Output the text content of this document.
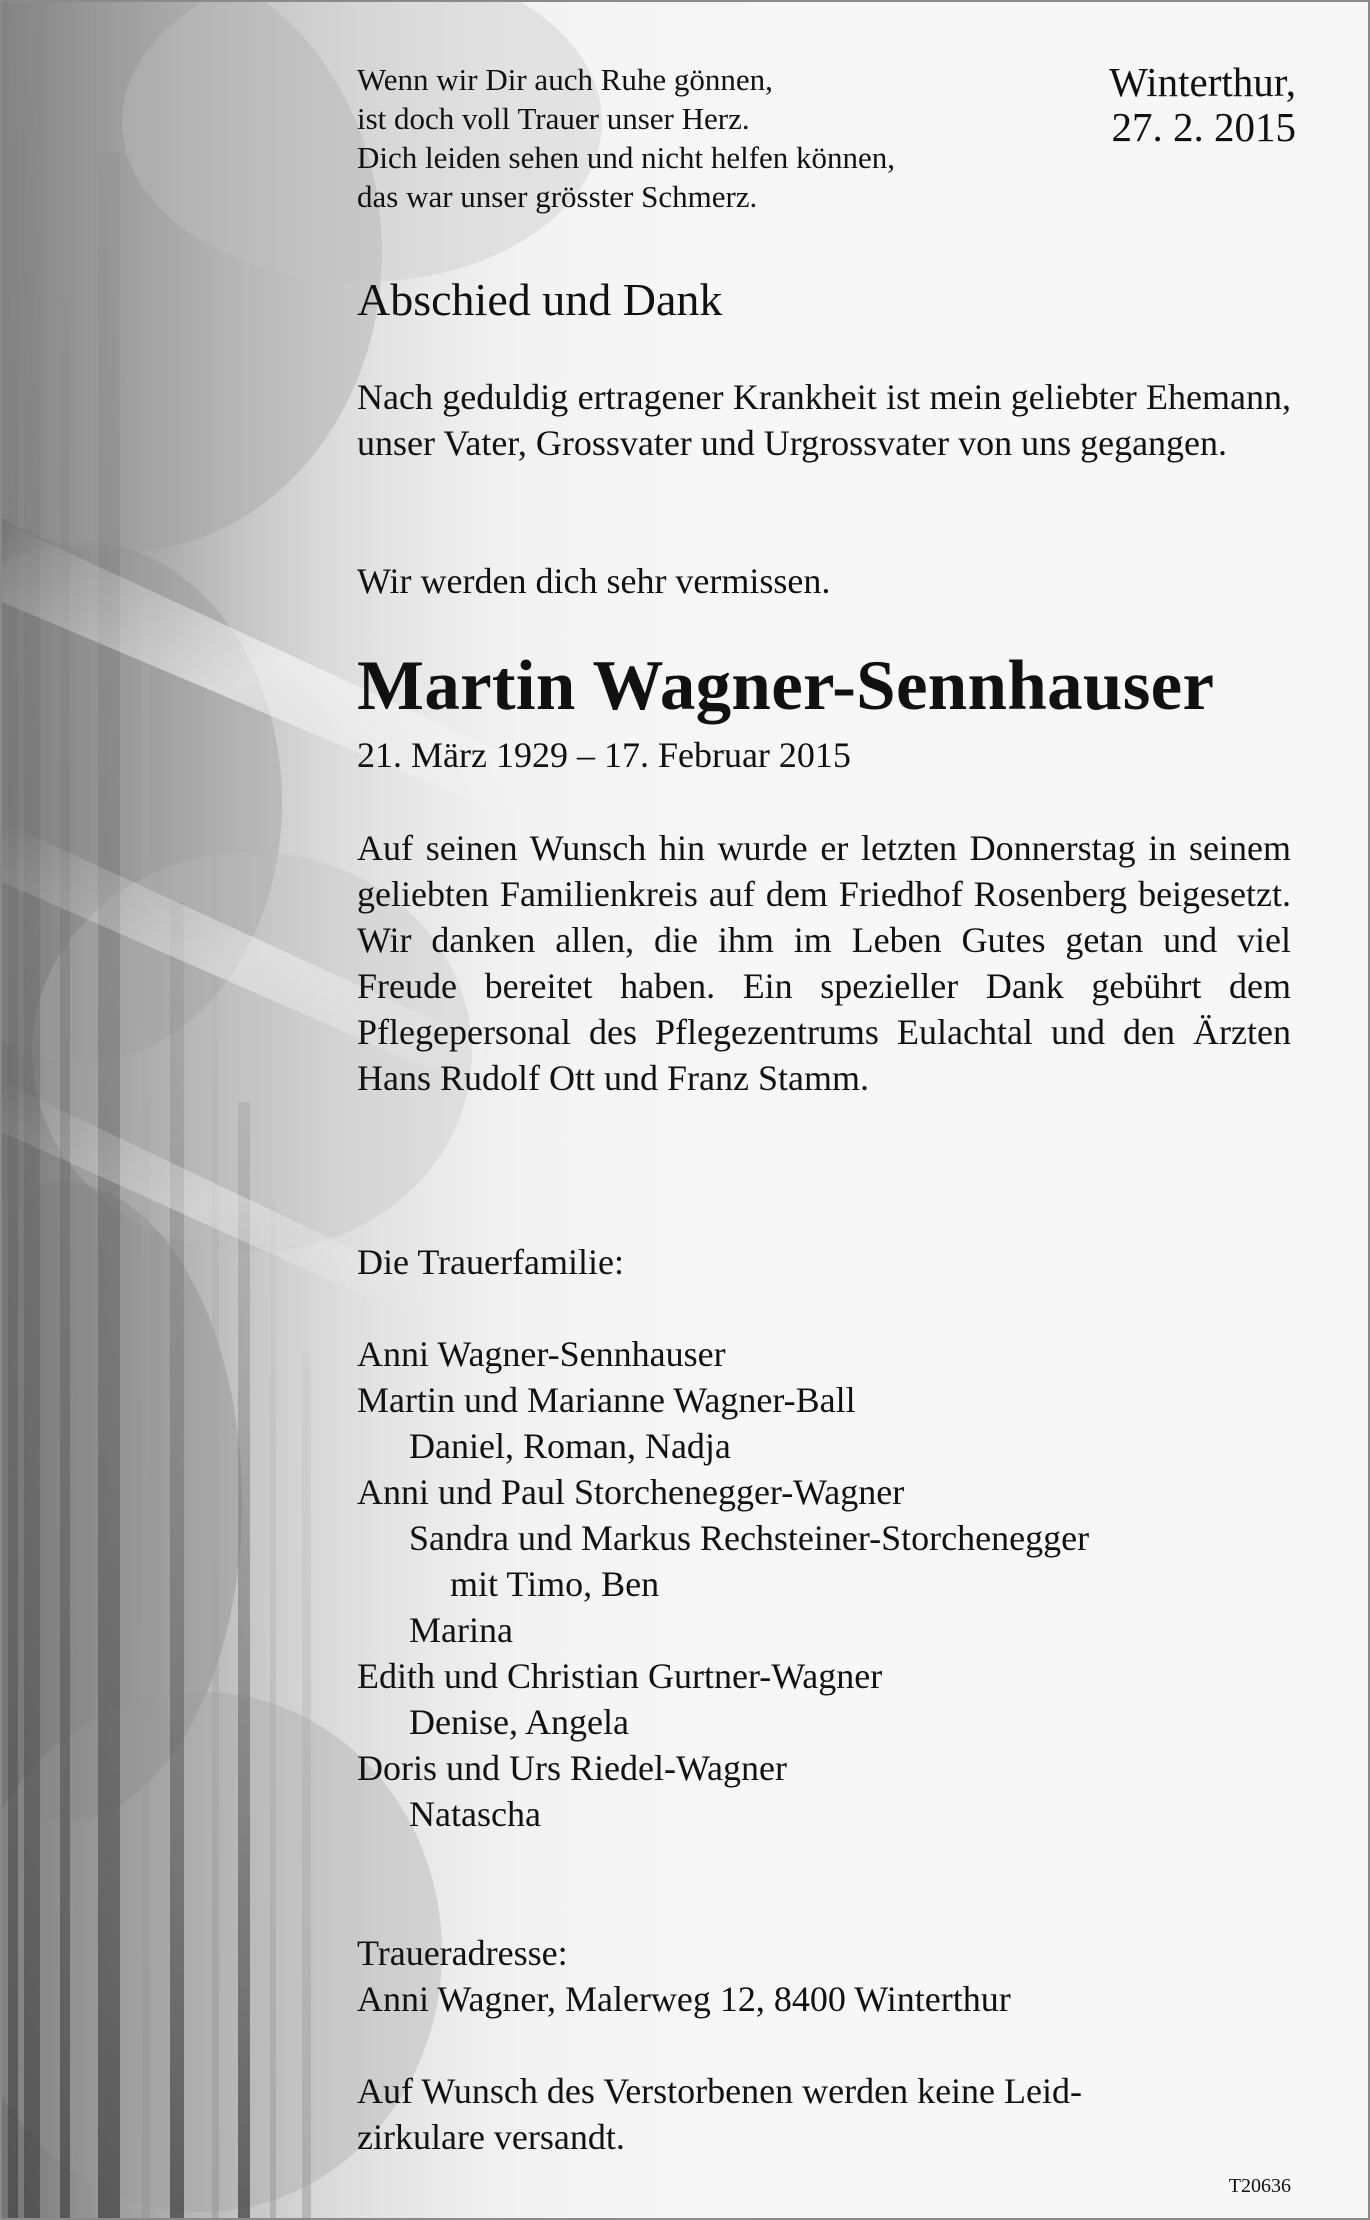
Wenn wir Dir auch Ruhe gönnen,
ist doch voll Trauer unser Herz.
Dich leiden sehen und nicht helfen können,
das war unser grösster Schmerz.
Winterthur,
27. 2. 2015
Abschied und Dank
Nach geduldig ertragener Krankheit ist mein geliebter Ehemann, unser Vater, Grossvater und Urgrossvater von uns gegangen.
Wir werden dich sehr vermissen.
Martin Wagner-Sennhauser
21. März 1929 – 17. Februar 2015
Auf seinen Wunsch hin wurde er letzten Donnerstag in seinem geliebten Familienkreis auf dem Friedhof Rosenberg beigesetzt. Wir danken allen, die ihm im Leben Gutes getan und viel Freude bereitet haben. Ein spezieller Dank gebührt dem Pflegepersonal des Pflegezentrums Eulachtal und den Ärzten Hans Rudolf Ott und Franz Stamm.
Die Trauerfamilie:
Anni Wagner-Sennhauser
Martin und Marianne Wagner-Ball
Daniel, Roman, Nadja
Anni und Paul Storchenegger-Wagner
Sandra und Markus Rechsteiner-Storchenegger
mit Timo, Ben
Marina
Edith und Christian Gurtner-Wagner
Denise, Angela
Doris und Urs Riedel-Wagner
Natascha
Traueradresse:
Anni Wagner, Malerweg 12, 8400 Winterthur
Auf Wunsch des Verstorbenen werden keine Leid-
zirkulare versandt.
T20636
